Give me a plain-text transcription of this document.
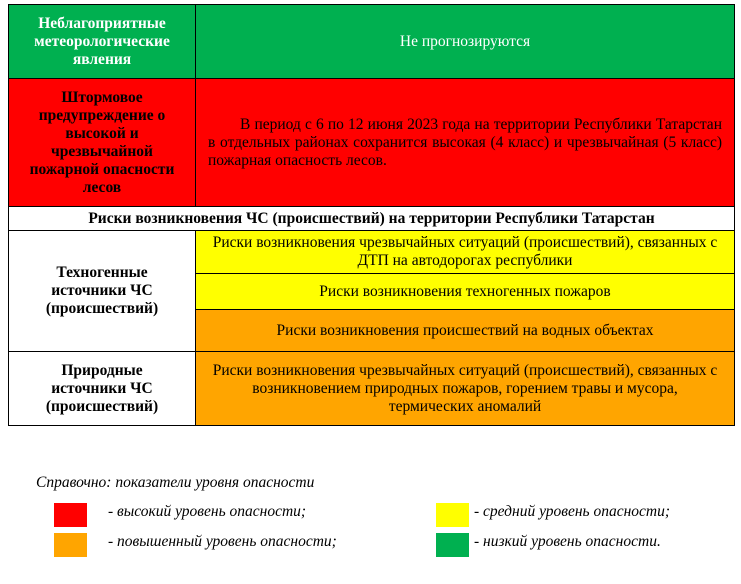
Неблагоприятные метеорологические явления	Не прогнозируются
Штормовое предупреждение о высокой и чрезвычайной пожарной опасности лесов	В период с 6 по 12 июня 2023 года на территории Республики Татарстан в отдельных районах сохранится высокая (4 класс) и чрезвычайная (5 класс) пожарная опасность лесов.
Риски возникновения ЧС (происшествий) на территории Республики Татарстан	
Техногенные источники ЧС (происшествий)	Риски возникновения чрезвычайных ситуаций (происшествий), связанных с ДТП на автодорогах республики
	Риски возникновения техногенных пожаров
	Риски возникновения происшествий на водных объектах
Природные источники ЧС (происшествий)	Риски возникновения чрезвычайных ситуаций (происшествий), связанных с возникновением природных пожаров, горением травы и мусора, термических аномалий
Справочно: показатели уровня опасности
- высокий уровень опасности;	- средний уровень опасности;
- повышенный уровень опасности;	- низкий уровень опасности.
